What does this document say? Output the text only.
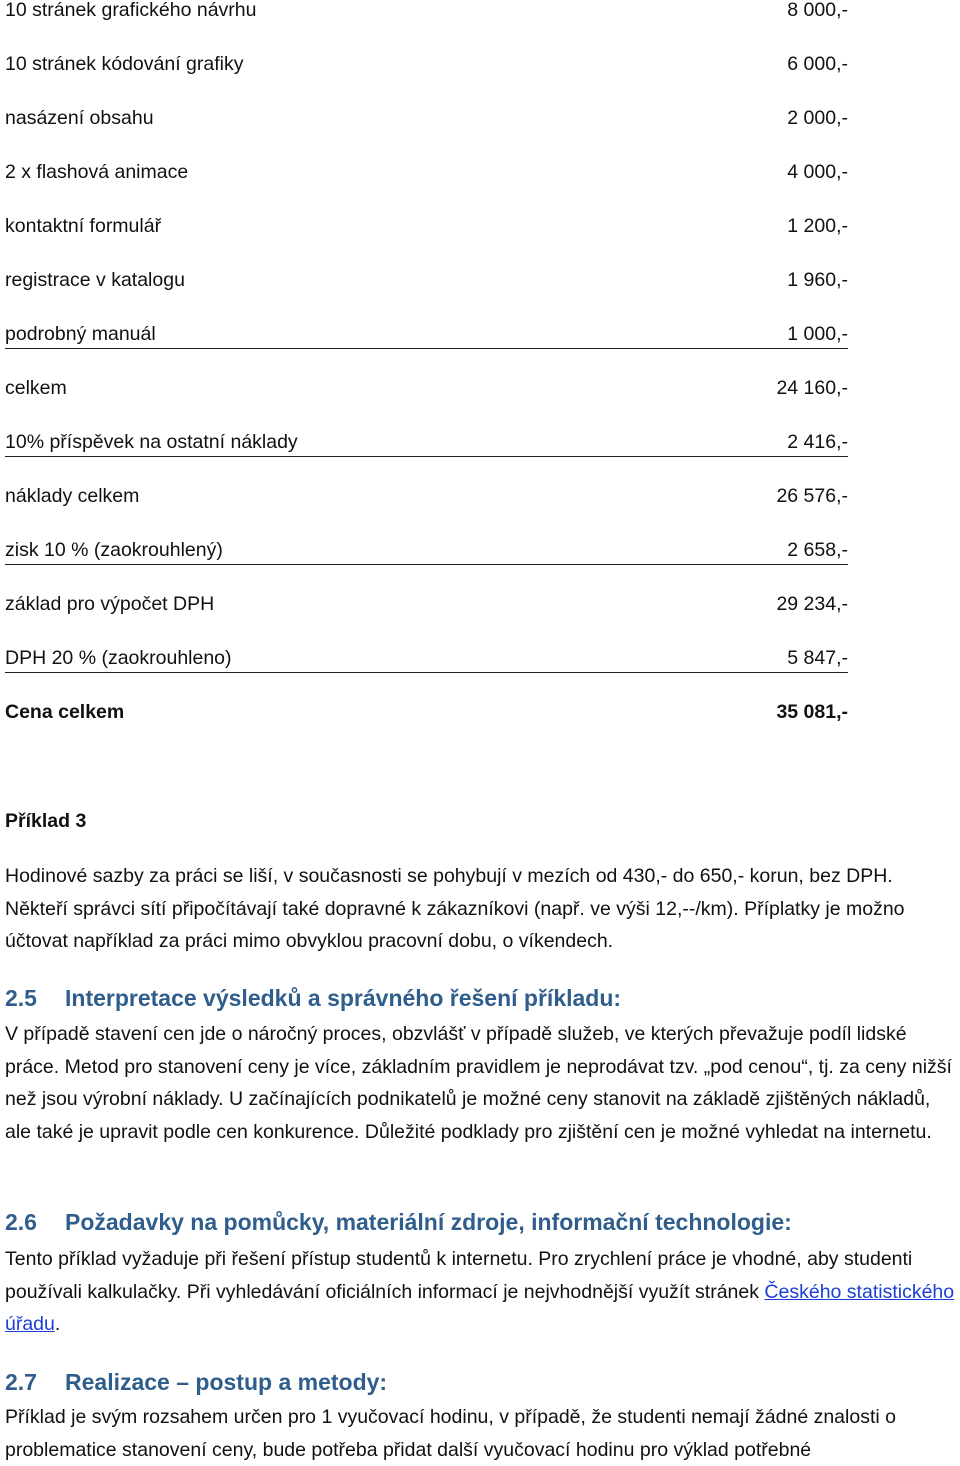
10 stránek grafického návrhu	8 000,-
10 stránek kódování grafiky	6 000,-
nasázení obsahu	2 000,-
2 x flashová animace	4 000,-
kontaktní formulář	1 200,-
registrace v katalogu	1 960,-
podrobný manuál	1 000,-
celkem	24 160,-
10% příspěvek na ostatní náklady	2 416,-
náklady celkem	26 576,-
zisk 10 % (zaokrouhlený)	2 658,-
základ pro výpočet DPH	29 234,-
DPH 20 % (zaokrouhleno)	5 847,-
Cena celkem	35 081,-
Příklad 3

Hodinové sazby za práci se liší, v současnosti se pohybují v mezích od 430,- do 650,- korun, bez DPH. Někteří správci sítí připočítávají také dopravné k zákazníkovi (např. ve výši 12,--/km). Příplatky je možno účtovat například za práci mimo obvyklou pracovní dobu, o víkendech.

2.5 Interpretace výsledků a správného řešení příkladu:

V případě stavení cen jde o náročný proces, obzvlášť v případě služeb, ve kterých převažuje podíl lidské práce. Metod pro stanovení ceny je více, základním pravidlem je neprodávat tzv. „pod cenou“, tj. za ceny nižší než jsou výrobní náklady. U začínajících podnikatelů je možné ceny stanovit na základě zjištěných nákladů, ale také je upravit podle cen konkurence. Důležité podklady pro zjištění cen je možné vyhledat na internetu.

2.6 Požadavky na pomůcky, materiální zdroje, informační technologie:

Tento příklad vyžaduje při řešení přístup studentů k internetu. Pro zrychlení práce je vhodné, aby studenti používali kalkulačky. Při vyhledávání oficiálních informací je nejvhodnější využít stránek Českého statistického úřadu.

2.7 Realizace – postup a metody:

Příklad je svým rozsahem určen pro 1 vyučovací hodinu, v případě, že studenti nemají žádné znalosti o problematice stanovení ceny, bude potřeba přidat další vyučovací hodinu pro výklad potřebné
